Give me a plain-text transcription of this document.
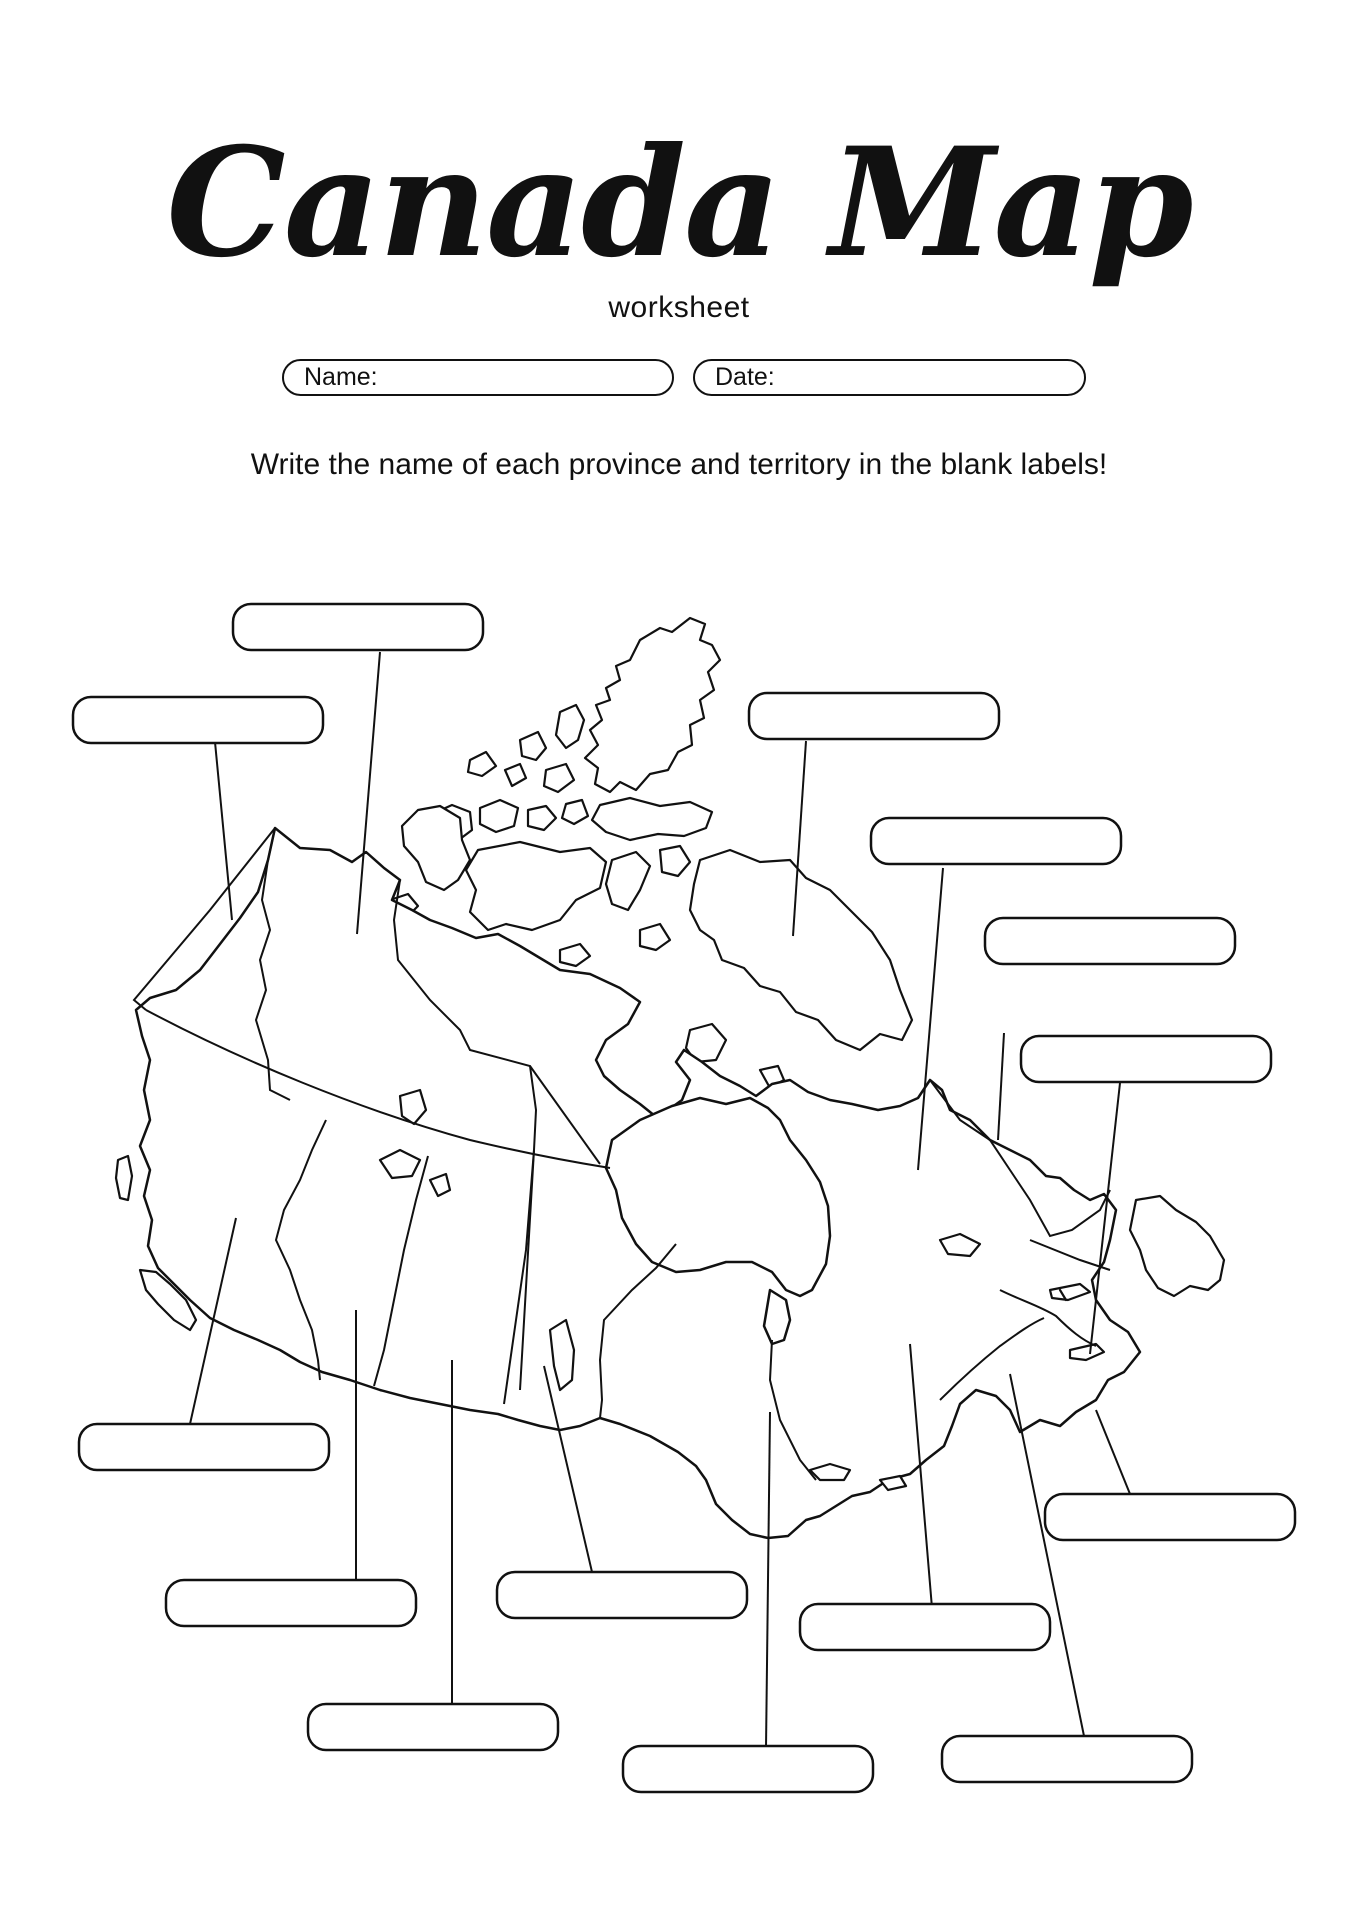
Canada Map
worksheet
Name:	Date:
Write the name of each province and territory in the blank labels!
